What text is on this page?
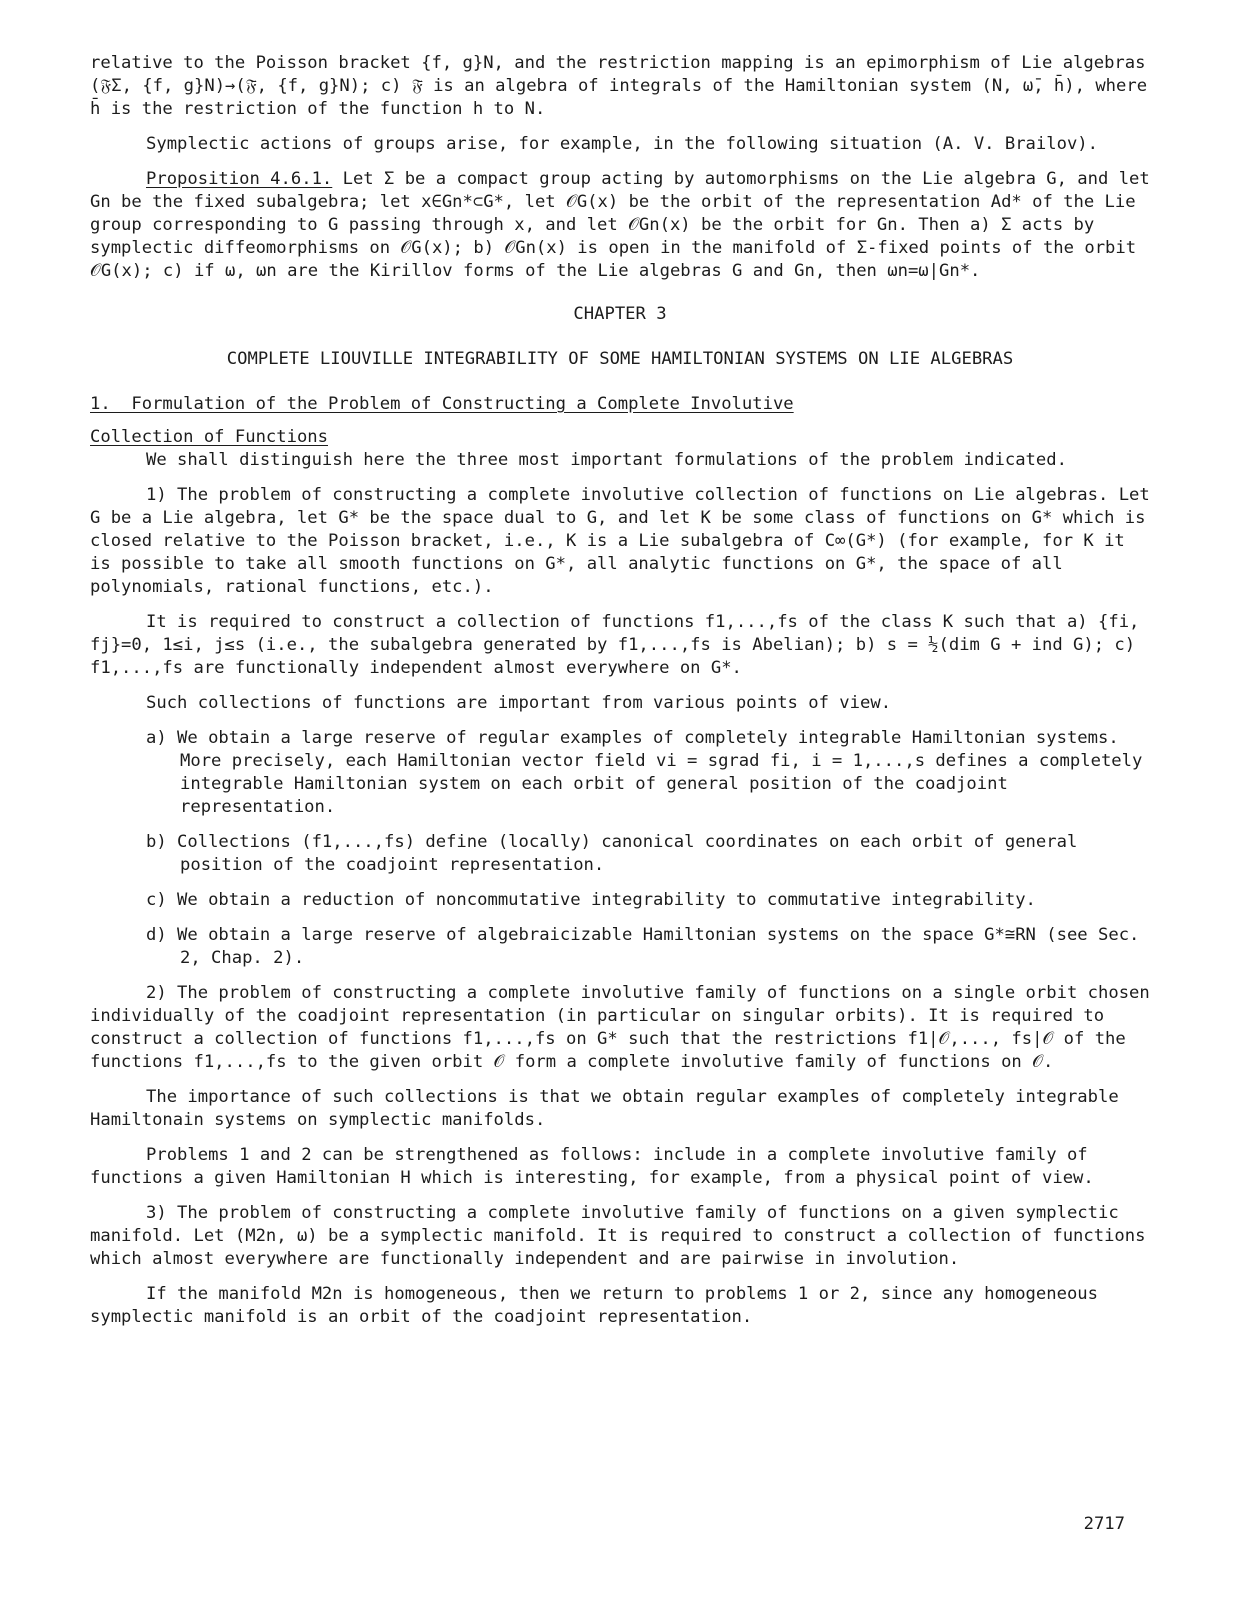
relative to the Poisson bracket {f, g}N, and the restriction mapping is an epimorphism of Lie algebras (𝔉Σ, {f, g}N)→(𝔉̄, {f, g}N); c) 𝔉̄ is an algebra of integrals of the Hamiltonian system (N, ω̄, h̄), where h̄ is the restriction of the function h to N.

Symplectic actions of groups arise, for example, in the following situation (A. V. Brailov).

Proposition 4.6.1. Let Σ be a compact group acting by automorphisms on the Lie algebra G, and let Gn be the fixed subalgebra; let x∈Gn*⊂G*, let 𝒪G(x) be the orbit of the representation Ad* of the Lie group corresponding to G passing through x, and let 𝒪Gn(x) be the orbit for Gn. Then a) Σ acts by symplectic diffeomorphisms on 𝒪G(x); b) 𝒪Gn(x) is open in the manifold of Σ-fixed points of the orbit 𝒪G(x); c) if ω, ωn are the Kirillov forms of the Lie algebras G and Gn, then ωn=ω|Gn*.

CHAPTER 3

COMPLETE LIOUVILLE INTEGRABILITY OF SOME HAMILTONIAN SYSTEMS ON LIE ALGEBRAS

1.  Formulation of the Problem of Constructing a Complete Involutive

Collection of Functions

We shall distinguish here the three most important formulations of the problem indicated.

1) The problem of constructing a complete involutive collection of functions on Lie algebras. Let G be a Lie algebra, let G* be the space dual to G, and let K be some class of functions on G* which is closed relative to the Poisson bracket, i.e., K is a Lie subalgebra of C∞(G*) (for example, for K it is possible to take all smooth functions on G*, all analytic functions on G*, the space of all polynomials, rational functions, etc.).

It is required to construct a collection of functions f1,...,fs of the class K such that a) {fi, fj}=0, 1≤i, j≤s (i.e., the subalgebra generated by f1,...,fs is Abelian); b) s = ½(dim G + ind G); c) f1,...,fs are functionally independent almost everywhere on G*.

Such collections of functions are important from various points of view.

a) We obtain a large reserve of regular examples of completely integrable Hamiltonian systems. More precisely, each Hamiltonian vector field vi = sgrad fi, i = 1,...,s defines a completely integrable Hamiltonian system on each orbit of general position of the coadjoint representation.

b) Collections (f1,...,fs) define (locally) canonical coordinates on each orbit of general position of the coadjoint representation.

c) We obtain a reduction of noncommutative integrability to commutative integrability.

d) We obtain a large reserve of algebraicizable Hamiltonian systems on the space G*≅RN (see Sec. 2, Chap. 2).

2) The problem of constructing a complete involutive family of functions on a single orbit chosen individually of the coadjoint representation (in particular on singular orbits). It is required to construct a collection of functions f1,...,fs on G* such that the restrictions f1|𝒪,..., fs|𝒪 of the functions f1,...,fs to the given orbit 𝒪 form a complete involutive family of functions on 𝒪.

The importance of such collections is that we obtain regular examples of completely integrable Hamiltonain systems on symplectic manifolds.

Problems 1 and 2 can be strengthened as follows: include in a complete involutive family of functions a given Hamiltonian H which is interesting, for example, from a physical point of view.

3) The problem of constructing a complete involutive family of functions on a given symplectic manifold. Let (M2n, ω) be a symplectic manifold. It is required to construct a collection of functions which almost everywhere are functionally independent and are pairwise in involution.

If the manifold M2n is homogeneous, then we return to problems 1 or 2, since any homogeneous symplectic manifold is an orbit of the coadjoint representation.

2717
